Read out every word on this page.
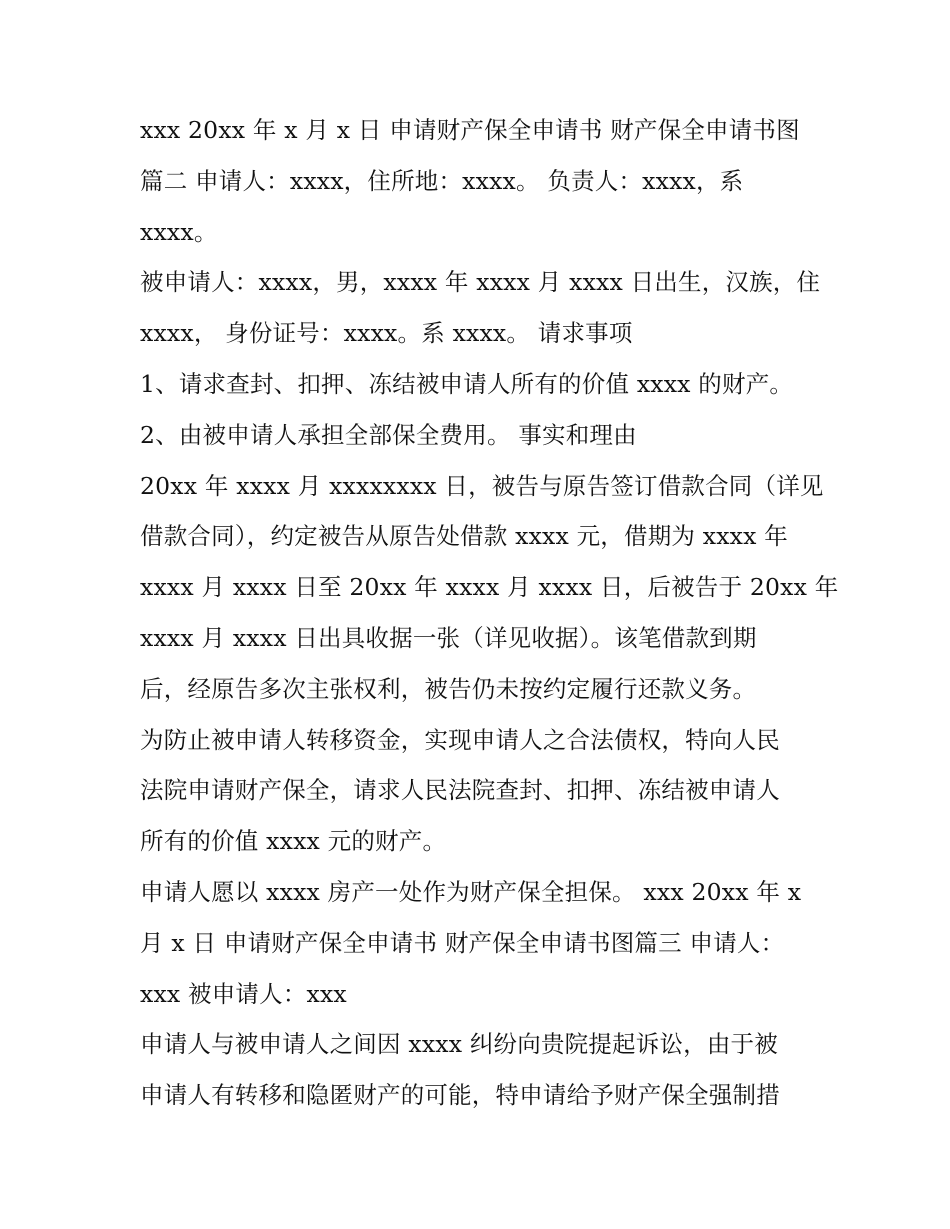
xxx 20xx 年 x 月 x 日 申请财产保全申请书 财产保全申请书图
篇二 申请人：xxxx，住所地：xxxx。 负责人：xxxx，系
xxxx。
被申请人：xxxx，男，xxxx 年 xxxx 月 xxxx 日出生，汉族，住
xxxx， 身份证号：xxxx。系 xxxx。 请求事项
1、请求查封、扣押、冻结被申请人所有的价值 xxxx 的财产。
2、由被申请人承担全部保全费用。 事实和理由
20xx 年 xxxx 月 xxxxxxxx 日，被告与原告签订借款合同（详见
借款合同），约定被告从原告处借款 xxxx 元，借期为 xxxx 年
xxxx 月 xxxx 日至 20xx 年 xxxx 月 xxxx 日，后被告于 20xx 年
xxxx 月 xxxx 日出具收据一张（详见收据）。该笔借款到期
后，经原告多次主张权利，被告仍未按约定履行还款义务。
为防止被申请人转移资金，实现申请人之合法债权，特向人民
法院申请财产保全，请求人民法院查封、扣押、冻结被申请人
所有的价值 xxxx 元的财产。
申请人愿以 xxxx 房产一处作为财产保全担保。 xxx 20xx 年 x
月 x 日 申请财产保全申请书 财产保全申请书图篇三 申请人：
xxx 被申请人：xxx
申请人与被申请人之间因 xxxx 纠纷向贵院提起诉讼，由于被
申请人有转移和隐匿财产的可能，特申请给予财产保全强制措
